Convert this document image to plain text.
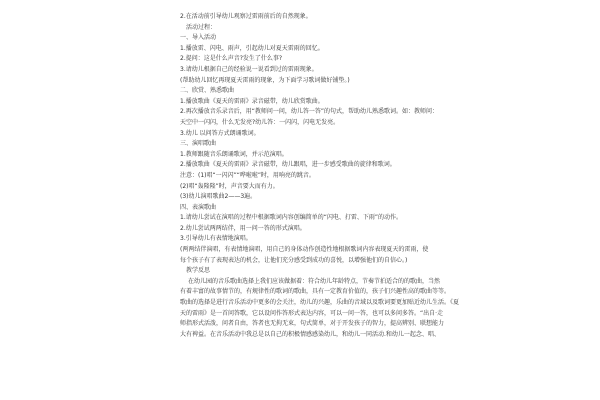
2.在活动前引导幼儿观察过雷雨前后的自然现象。
活动过程：
一、导入活动
1.播放雷、闪电、雨声，引起幼儿对夏天雷雨的回忆。
2.提问：这是什么声音?发生了什么事?
3.请幼儿根据自己的经验说一说看到过的雷雨现象。
(帮助幼儿回忆再现夏天雷雨的现象，为下面学习歌词做好铺垫。)
二、欣赏、熟悉歌曲
1.播放歌曲《夏天的雷雨》录音磁带，幼儿欣赏歌曲。
2.再次播放音乐录音后，用“教师问一问，幼儿答一答”的句式，帮助幼儿熟悉歌词。如：教师问：
天空中一闪闪，什么无发亮?幼儿答：一闪闪，闪电无发亮。
3.幼儿 以问答方式朗诵歌词。
三、演唱歌曲
1.教师跟随音乐朗诵歌词，并示范演唱。
2.播放歌曲《夏天的雷雨》录音磁带，幼儿跟唱，进一步感受歌曲的旋律和歌词。
注意：(1)唱“一闪闪”“哗啦啦”时，用响亮的跳音。
(2)唱“轰隆隆”时，声音要大而有力。
(3)幼儿演唱歌曲2——3遍。
四、表演歌曲
1.请幼儿尝试在演唱的过程中根据歌词内容创编简单的“闪电、打雷、下雨”的动作。
2.幼儿尝试两两结伴，用一问一答的形式演唱。
3.引导幼儿有表情地演唱。
(两两结伴演唱，有表情地演唱，用自己的身体动作创造性地根据歌词内容表现夏天的雷雨，使
每个孩子有了表现表达的机会，让他们充分感受到成功的喜悦，以增强他们的自信心。)
教学反思
在幼儿园的音乐歌曲选择上我们应该做据着：符合幼儿年龄特点，节奏节拍适合的的歌曲，当然
有着丰富的故事情节的，有规律性的歌词的歌曲，具有一定教育价值的，孩子们兴趣性高的歌曲等等。
歌曲的选择是进行音乐活动中更多的会关注，幼儿的兴趣，乐曲的音域以及歌词要更加贴近幼儿生活。《夏
天的雷雨》是一首问答歌，它以设问作答形式表达内容，可以一问一答，也可以多问多答。“出自·走
师指形式活泼，问者自由，答者也无拘无束，句式简单，对于开发孩子的智力，提高辨别、联想能力
大有裨益。在音乐活动中我总是以自己的积极情感感染幼儿，和幼儿一同活动.和幼儿一起念、唱、
